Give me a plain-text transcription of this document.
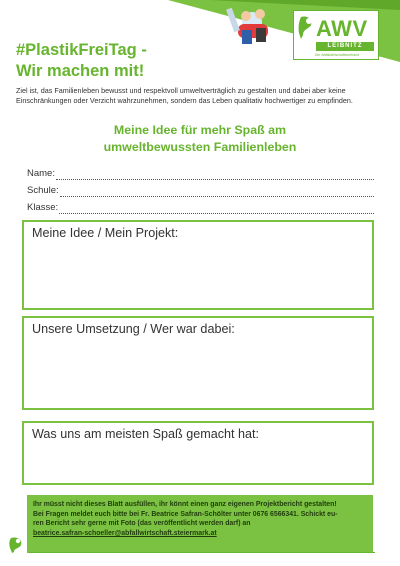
AWV
LEIBNITZ
Der Abfallwirtschaftsverband
#PlastikFreiTag -
Wir machen mit!
Ziel ist, das Familienleben bewusst und respektvoll umweltverträglich zu gestalten und dabei aber keine Einschränkungen oder Verzicht wahrzunehmen, sondern das Leben qualitativ hochwertiger zu empfinden.
Meine Idee für mehr Spaß am
umweltbewussten Familienleben
Name:
Schule:
Klasse:
Meine Idee / Mein Projekt:
Unsere Umsetzung / Wer war dabei:
Was uns am meisten Spaß gemacht hat:
Ihr müsst nicht dieses Blatt ausfüllen, ihr könnt einen ganz eigenen Projektbericht gestalten!
Bei Fragen meldet euch bitte bei Fr. Beatrice Safran-Schölter unter 0676 6566341. Schickt eu-
ren Bericht sehr gerne mit Foto (das veröffentlicht werden darf) an
beatrice.safran-schoeller@abfallwirtschaft.steiermark.at
